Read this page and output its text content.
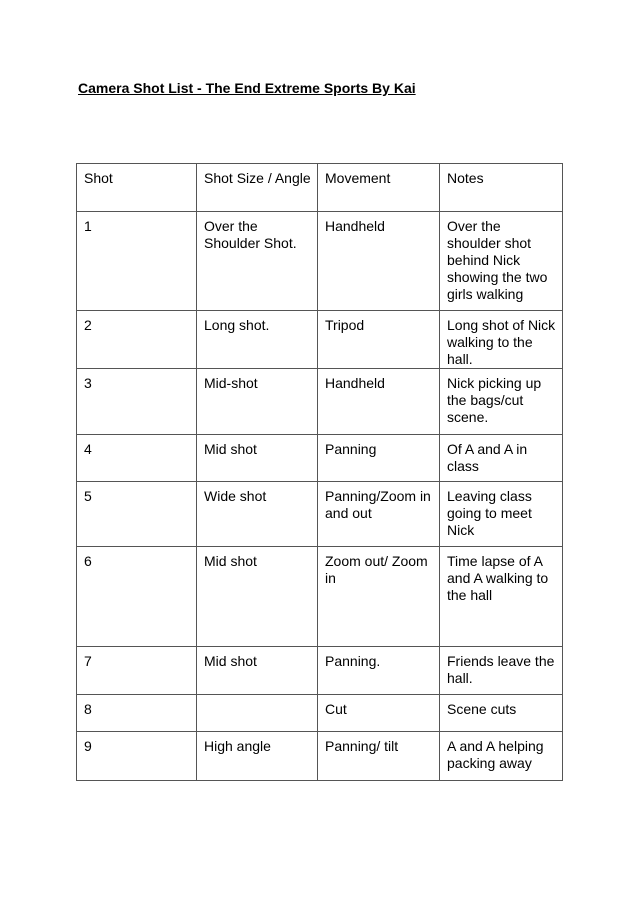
Camera Shot List - The End Extreme Sports By Kai
Shot	Shot Size / Angle	Movement	Notes
1	Over the Shoulder Shot.	Handheld	Over the shoulder shot behind Nick showing the two girls walking
2	Long shot.	Tripod	Long shot of Nick walking to the hall.
3	Mid-shot	Handheld	Nick picking up the bags/cut scene.
4	Mid shot	Panning	Of A and A in class
5	Wide shot	Panning/Zoom in and out	Leaving class going to meet Nick
6	Mid shot	Zoom out/ Zoom in	Time lapse of A and A walking to the hall
7	Mid shot	Panning.	Friends leave the hall.
8		Cut	Scene cuts
9	High angle	Panning/ tilt	A and A helping packing away
